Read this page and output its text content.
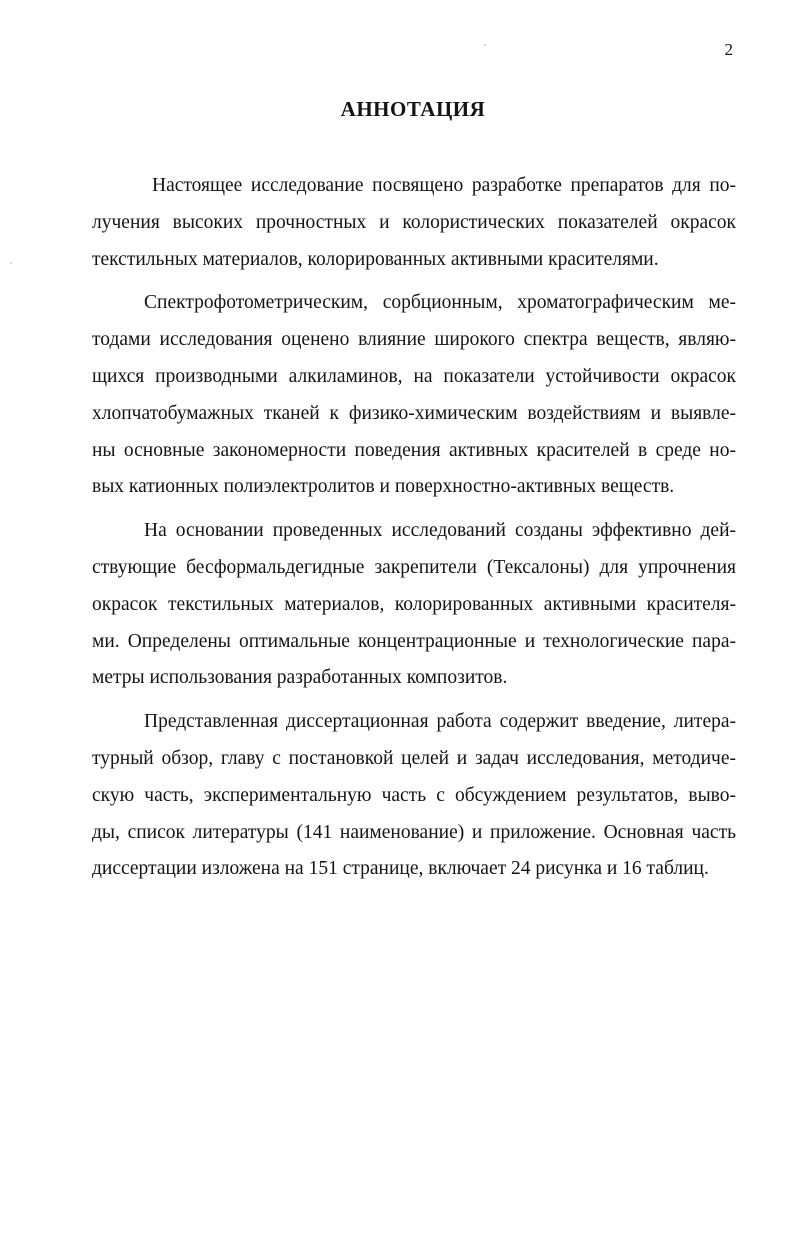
2
АННОТАЦИЯ

Настоящее исследование посвящено разработке препаратов для по-
лучения высоких прочностных и колористических показателей окрасок
текстильных материалов, колорированных активными красителями.

Спектрофотометрическим, сорбционным, хроматографическим ме-
тодами исследования оценено влияние широкого спектра веществ, являю-
щихся производными алкиламинов, на показатели устойчивости окрасок
хлопчатобумажных тканей к физико-химическим воздействиям и выявле-
ны основные закономерности поведения активных красителей в среде но-
вых катионных полиэлектролитов и поверхностно-активных веществ.

На основании проведенных исследований созданы эффективно дей-
ствующие бесформальдегидные закрепители (Тексалоны) для упрочнения
окрасок текстильных материалов, колорированных активными красителя-
ми. Определены оптимальные концентрационные и технологические пара-
метры использования разработанных композитов.

Представленная диссертационная работа содержит введение, литера-
турный обзор, главу с постановкой целей и задач исследования, методиче-
скую часть, экспериментальную часть с обсуждением результатов, выво-
ды, список литературы (141 наименование) и приложение. Основная часть
диссертации изложена на 151 странице, включает 24 рисунка и 16 таблиц.
